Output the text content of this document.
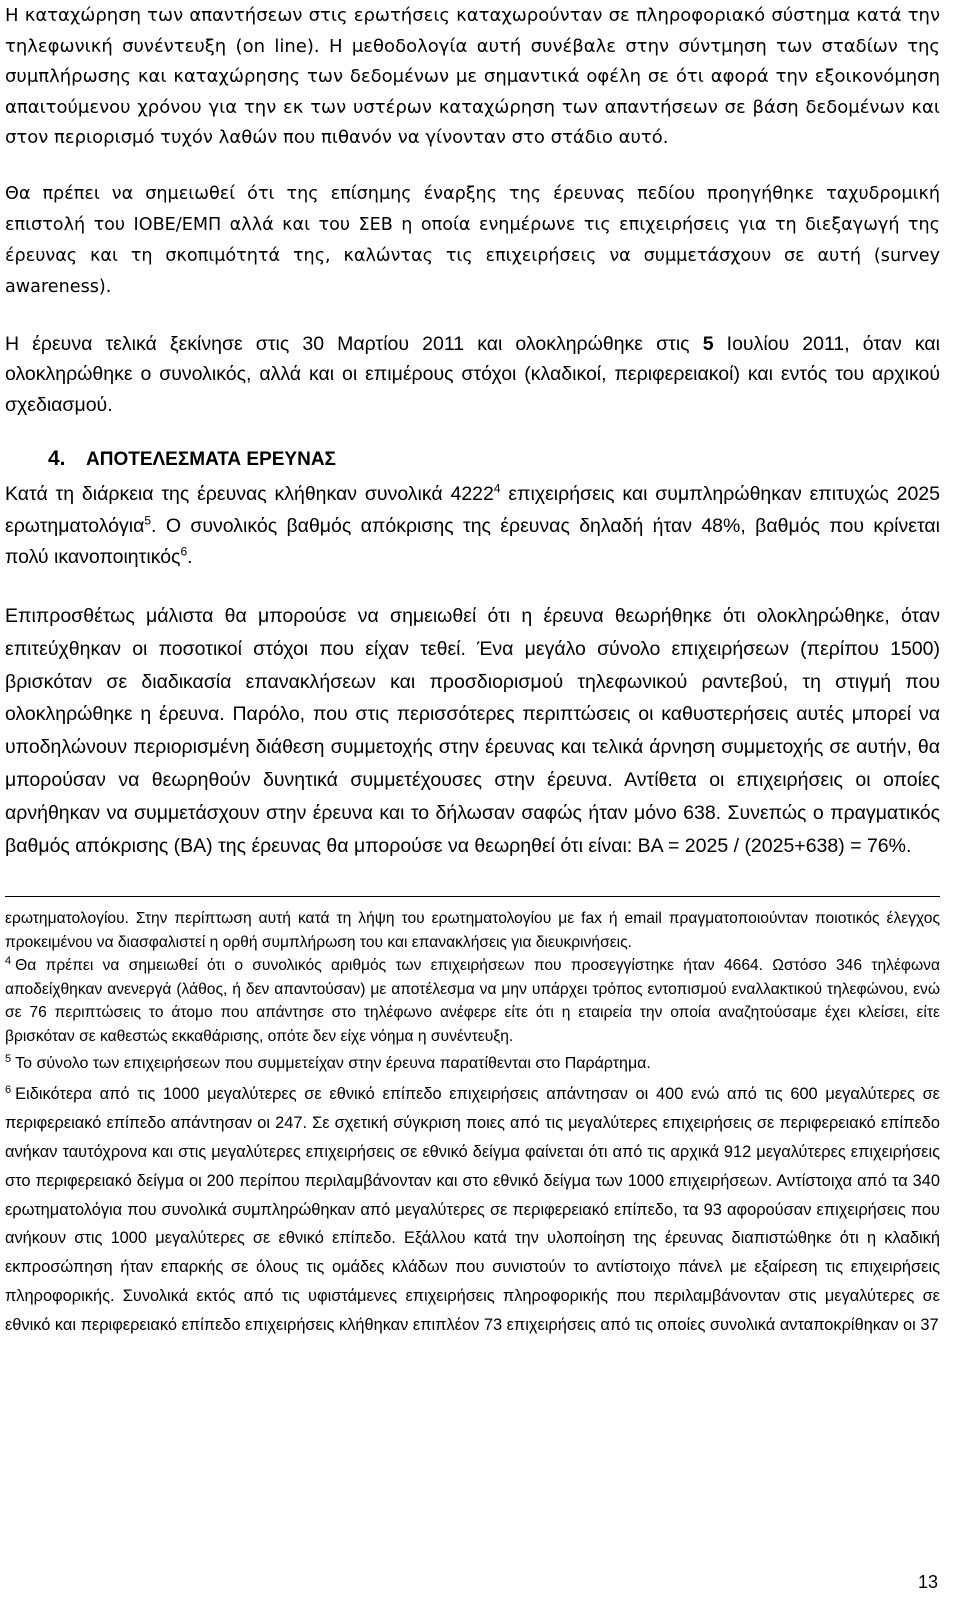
Η καταχώρηση των απαντήσεων στις ερωτήσεις καταχωρούνταν σε πληροφοριακό σύστημα κατά την τηλεφωνική συνέντευξη (on line). Η μεθοδολογία αυτή συνέβαλε στην σύντμηση των σταδίων της συμπλήρωσης και καταχώρησης των δεδομένων με σημαντικά οφέλη σε ότι αφορά την εξοικονόμηση απαιτούμενου χρόνου για την εκ των υστέρων καταχώρηση των απαντήσεων σε βάση δεδομένων και στον περιορισμό τυχόν λαθών που πιθανόν να γίνονταν στο στάδιο αυτό.

Θα πρέπει να σημειωθεί ότι της επίσημης έναρξης της έρευνας πεδίου προηγήθηκε ταχυδρομική επιστολή του ΙΟΒΕ/ΕΜΠ αλλά και του ΣΕΒ η οποία ενημέρωνε τις επιχειρήσεις για τη διεξαγωγή της έρευνας και τη σκοπιμότητά της, καλώντας τις επιχειρήσεις να συμμετάσχουν σε αυτή (survey awareness).

Η έρευνα τελικά ξεκίνησε στις 30 Μαρτίου 2011 και ολοκληρώθηκε στις 5 Ιουλίου 2011, όταν και ολοκληρώθηκε ο συνολικός, αλλά και οι επιμέρους στόχοι (κλαδικοί, περιφερειακοί) και εντός του αρχικού σχεδιασμού.

4.	ΑΠΟΤΕΛΕΣΜΑΤΑ ΕΡΕΥΝΑΣ

Κατά τη διάρκεια της έρευνας κλήθηκαν συνολικά 4222$^4$ επιχειρήσεις και συμπληρώθηκαν επιτυχώς 2025 ερωτηματολόγια$^5$. Ο συνολικός βαθμός απόκρισης της έρευνας δηλαδή ήταν 48%, βαθμός που κρίνεται πολύ ικανοποιητικός$^6$.

Επιπροσθέτως μάλιστα θα μπορούσε να σημειωθεί ότι η έρευνα θεωρήθηκε ότι ολοκληρώθηκε, όταν επιτεύχθηκαν οι ποσοτικοί στόχοι που είχαν τεθεί. Ένα μεγάλο σύνολο επιχειρήσεων (περίπου 1500) βρισκόταν σε διαδικασία επανακλήσεων και προσδιορισμού τηλεφωνικού ραντεβού, τη στιγμή που ολοκληρώθηκε η έρευνα. Παρόλο, που στις περισσότερες περιπτώσεις οι καθυστερήσεις αυτές μπορεί να υποδηλώνουν περιορισμένη διάθεση συμμετοχής στην έρευνας και τελικά άρνηση συμμετοχής σε αυτήν, θα μπορούσαν να θεωρηθούν δυνητικά συμμετέχουσες στην έρευνα. Αντίθετα οι επιχειρήσεις οι οποίες αρνήθηκαν να συμμετάσχουν στην έρευνα και το δήλωσαν σαφώς ήταν μόνο 638. Συνεπώς ο πραγματικός βαθμός απόκρισης (ΒΑ) της έρευνας θα μπορούσε να θεωρηθεί ότι είναι: ΒΑ = 2025 / (2025+638) = 76%.

ερωτηματολογίου. Στην περίπτωση αυτή κατά τη λήψη του ερωτηματολογίου με fax ή email πραγματοποιούνταν ποιοτικός έλεγχος προκειμένου να διασφαλιστεί η ορθή συμπλήρωση του και επανακλήσεις για διευκρινήσεις.

$^4$ Θα πρέπει να σημειωθεί ότι ο συνολικός αριθμός των επιχειρήσεων που προσεγγίστηκε ήταν 4664. Ωστόσο 346 τηλέφωνα αποδείχθηκαν ανενεργά (λάθος, ή δεν απαντούσαν) με αποτέλεσμα να μην υπάρχει τρόπος εντοπισμού εναλλακτικού τηλεφώνου, ενώ σε 76 περιπτώσεις το άτομο που απάντησε στο τηλέφωνο ανέφερε είτε ότι η εταιρεία την οποία αναζητούσαμε έχει κλείσει, είτε βρισκόταν σε καθεστώς εκκαθάρισης, οπότε δεν είχε νόημα η συνέντευξη.

$^5$ Το σύνολο των επιχειρήσεων που συμμετείχαν στην έρευνα παρατίθενται στο Παράρτημα.

$^6$ Ειδικότερα από τις 1000 μεγαλύτερες σε εθνικό επίπεδο επιχειρήσεις απάντησαν οι 400 ενώ από τις 600 μεγαλύτερες σε περιφερειακό επίπεδο απάντησαν οι 247. Σε σχετική σύγκριση ποιες από τις μεγαλύτερες επιχειρήσεις σε περιφερειακό επίπεδο ανήκαν ταυτόχρονα και στις μεγαλύτερες επιχειρήσεις σε εθνικό δείγμα φαίνεται ότι από τις αρχικά 912 μεγαλύτερες επιχειρήσεις στο περιφερειακό δείγμα οι 200 περίπου περιλαμβάνονταν και στο εθνικό δείγμα των 1000 επιχειρήσεων. Αντίστοιχα από τα 340 ερωτηματολόγια που συνολικά συμπληρώθηκαν από μεγαλύτερες σε περιφερειακό επίπεδο, τα 93 αφορούσαν επιχειρήσεις που ανήκουν στις 1000 μεγαλύτερες σε εθνικό επίπεδο. Εξάλλου κατά την υλοποίηση της έρευνας διαπιστώθηκε ότι η κλαδική εκπροσώπηση ήταν επαρκής σε όλους τις ομάδες κλάδων που συνιστούν το αντίστοιχο πάνελ με εξαίρεση τις επιχειρήσεις πληροφορικής. Συνολικά εκτός από τις υφιστάμενες επιχειρήσεις πληροφορικής που περιλαμβάνονταν στις μεγαλύτερες σε εθνικό και περιφερειακό επίπεδο επιχειρήσεις κλήθηκαν επιπλέον 73 επιχειρήσεις από τις οποίες συνολικά ανταποκρίθηκαν οι 37

13
